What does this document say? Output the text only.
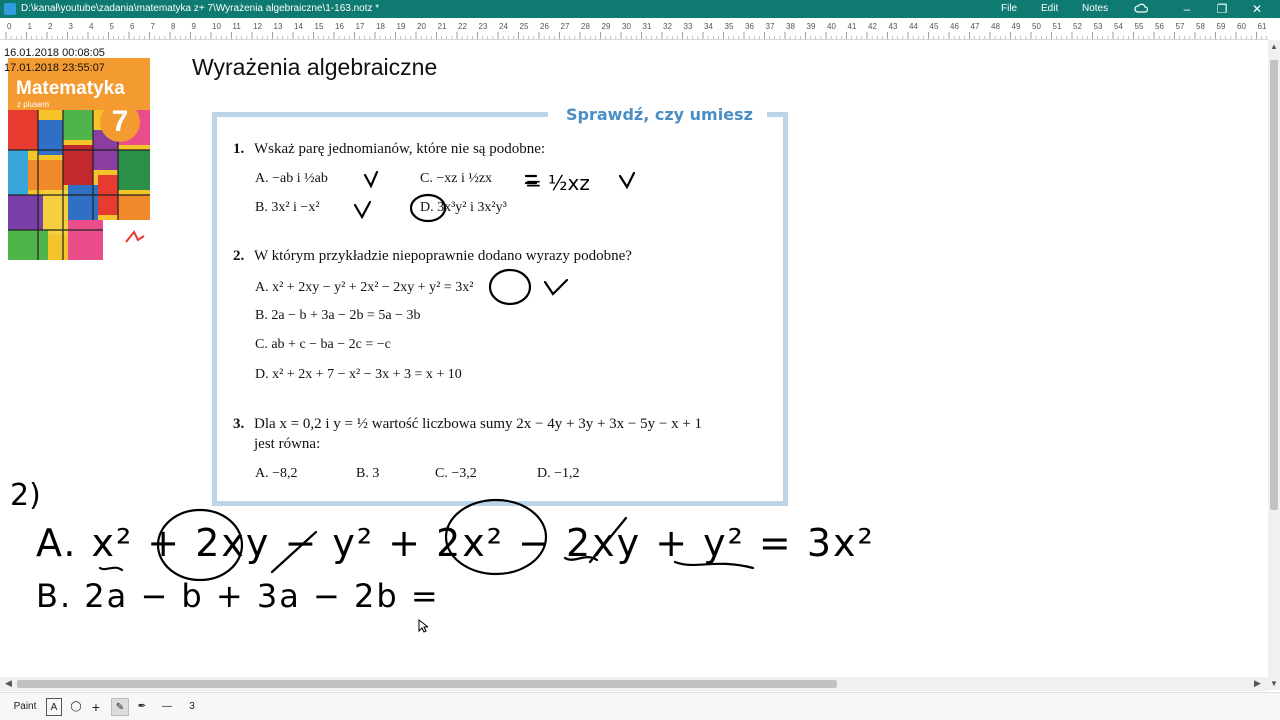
D:\kanał\youtube\zadania\matematyka z+ 7\Wyrażenia algebraiczne\1-163.notz *	File Edit Notes	–	❐	✕
0 1 2 3 4 5 6 7 8 9 10 11 12 13 14 15 16 17 18 19 20 21 22 23 24 25 26 27 28 29 30 31 32 33 34 35 36 37 38 39 40 41 42 43 44 45 46 47 48 49 50 51 52 53 54 55 56 57 58 59 60 61
Matematyka
z plusem
7
16.01.2018 00:08:05
17.01.2018 23:55:07	Wyrażenia algebraiczne
Sprawdź, czy umiesz
1. Wskaż parę jednomianów, które nie są podobne:
A. −ab i ½ab
B. 3x² i −x²
C. −xz i ½zx
D. 3x³y² i 3x²y³
2. W którym przykładzie niepoprawnie dodano wyrazy podobne?
A. x² + 2xy − y² + 2x² − 2xy + y² = 3x²
B. 2a − b + 3a − 2b = 5a − 3b
C. ab + c − ba − 2c = −c
D. x² + 2x + 7 − x² − 3x + 3 = x + 10
3. Dla x = 0,2 i y = ½ wartość liczbowa sumy 2x − 4y + 3y + 3x − 5y − x + 1
jest równa:
A. −8,2	B. 3	C. −3,2	D. −1,2
2)
A. x² + 2xy − y² + 2x² − 2xy + y² = 3x²
B. 2a − b + 3a − 2b =
= ½xz
▲
▼
◀	▶
Paint	A	◯ +	✎	✒	—	3
